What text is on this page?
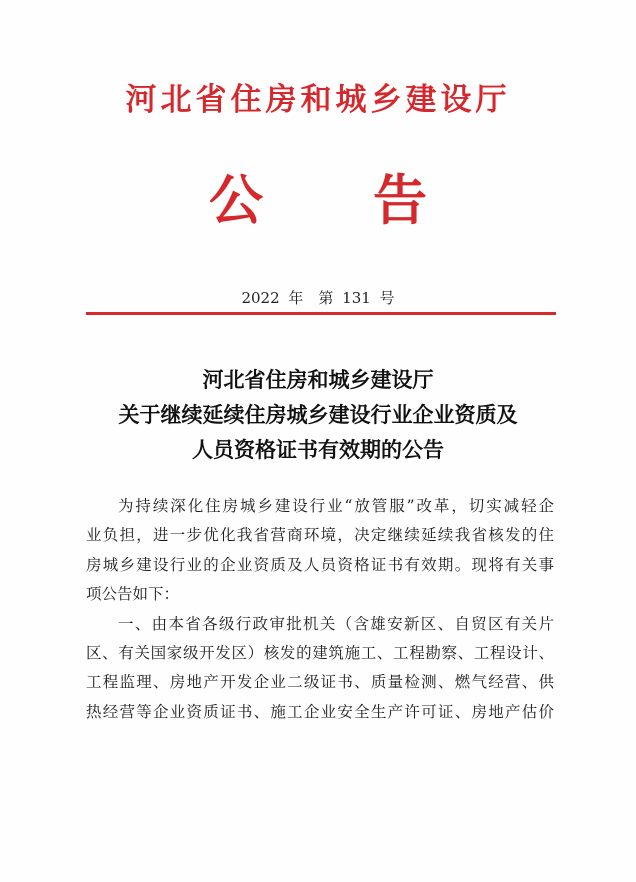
河北省住房和城乡建设厅
公告
2022 年　第 131 号
河北省住房和城乡建设厅
关于继续延续住房城乡建设行业企业资质及
人员资格证书有效期的公告
为持续深化住房城乡建设行业“放管服”改革，切实减轻企
业负担，进一步优化我省营商环境，决定继续延续我省核发的住
房城乡建设行业的企业资质及人员资格证书有效期。现将有关事
项公告如下：
一、由本省各级行政审批机关（含雄安新区、自贸区有关片
区、有关国家级开发区）核发的建筑施工、工程勘察、工程设计、
工程监理、房地产开发企业二级证书、质量检测、燃气经营、供
热经营等企业资质证书、施工企业安全生产许可证、房地产估价
